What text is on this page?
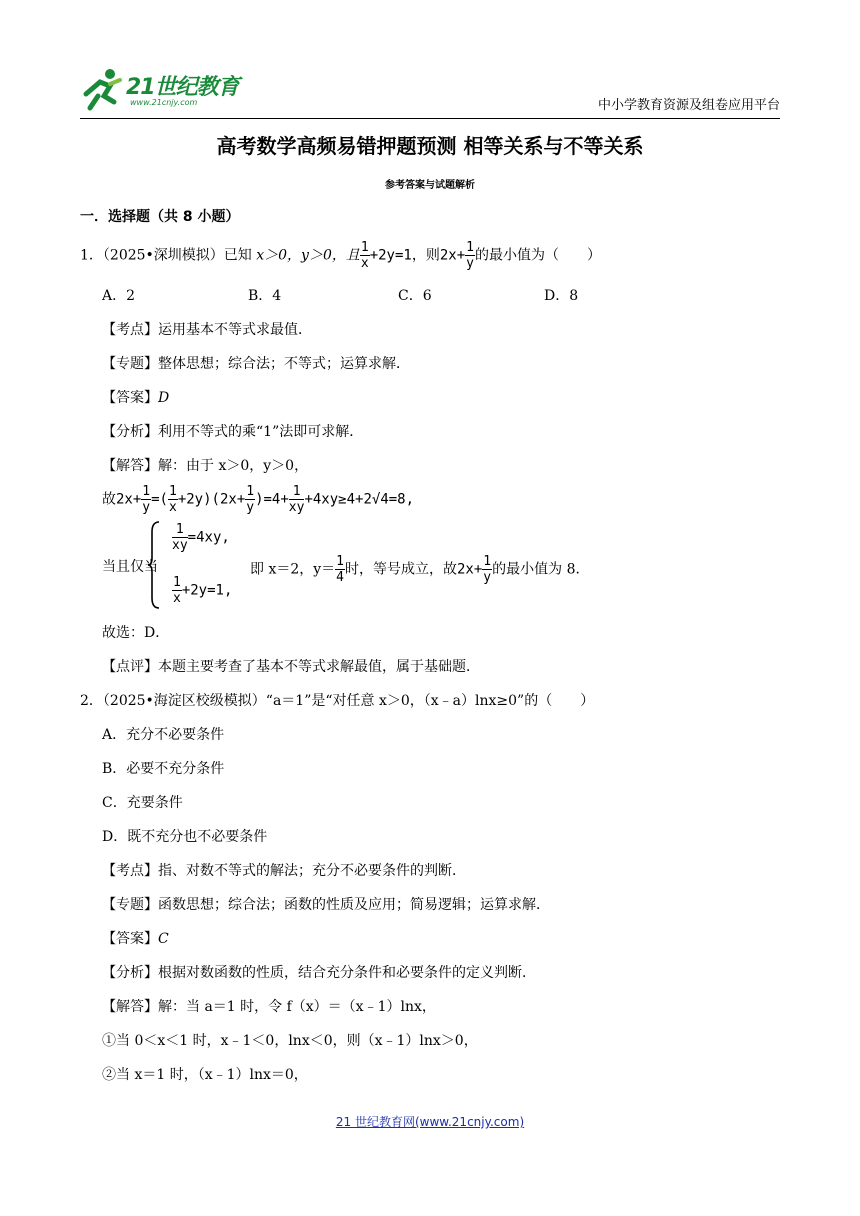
21世纪教育
www.21cnjy.com	中小学教育资源及组卷应用平台
高考数学高频易错押题预测 相等关系与不等关系
参考答案与试题解析
一．选择题（共 8 小题）
1．（2025•深圳模拟）已知 x＞0，y＞0，且 $\frac{1}{x} +2y=1$，则$2x+ \frac{1}{y}$ 的最小值为（　　）
A．2	B．4	C．6	D．8
【考点】运用基本不等式求最值．
【专题】整体思想；综合法；不等式；运算求解．
【答案】D
【分析】利用不等式的乘“1”法即可求解．
【解答】解：由于 x＞0，y＞0，
故$2x+ \frac{1}{y}$ =( $\frac{1}{x} +2y)(2x+ \frac{1}{y} )=4+ \frac{1}{xy} +4xy\ge 4+2√4=8$,
当且仅当
$\frac{1}{xy} =4xy$,
$\frac{1}{x} +2y=1$,
即 x＝2，$y= \frac{1}{4}$ 时，等号成立，故$2x+ \frac{1}{y}$ 的最小值为 8．
故选：D．
【点评】本题主要考查了基本不等式求解最值，属于基础题．
2．（2025•海淀区校级模拟）“a＝1”是“对任意 x＞0，（x﹣a）lnx≥0”的（　　）
A．充分不必要条件
B．必要不充分条件
C．充要条件
D．既不充分也不必要条件
【考点】指、对数不等式的解法；充分不必要条件的判断．
【专题】函数思想；综合法；函数的性质及应用；简易逻辑；运算求解．
【答案】C
【分析】根据对数函数的性质，结合充分条件和必要条件的定义判断．
【解答】解：当 a＝1 时，令 f（x）＝（x﹣1）lnx，
①当 0＜x＜1 时，x﹣1＜0，lnx＜0，则（x﹣1）lnx＞0，
②当 x＝1 时，（x﹣1）lnx＝0，
21 世纪教育网(www.21cnjy.com)
